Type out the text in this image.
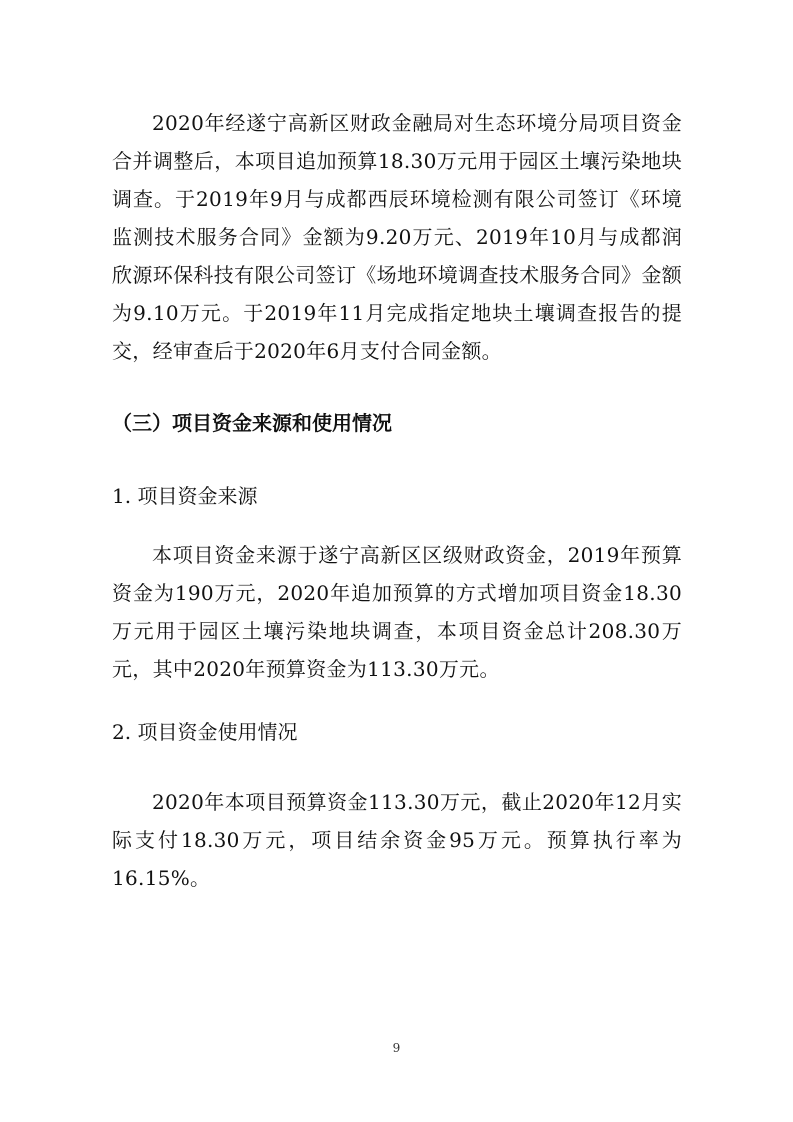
2020年经遂宁高新区财政金融局对生态环境分局项目资金合并调整后，本项目追加预算18.30万元用于园区土壤污染地块调查。于2019年9月与成都西辰环境检测有限公司签订《环境监测技术服务合同》金额为9.20万元、2019年10月与成都润欣源环保科技有限公司签订《场地环境调查技术服务合同》金额为9.10万元。于2019年11月完成指定地块土壤调查报告的提交，经审查后于2020年6月支付合同金额。

（三）项目资金来源和使用情况

1. 项目资金来源

本项目资金来源于遂宁高新区区级财政资金，2019年预算资金为190万元，2020年追加预算的方式增加项目资金18.30万元用于园区土壤污染地块调查，本项目资金总计208.30万元，其中2020年预算资金为113.30万元。

2. 项目资金使用情况

2020年本项目预算资金113.30万元，截止2020年12月实际支付18.30万元，项目结余资金95万元。预算执行率为16.15%。

9
